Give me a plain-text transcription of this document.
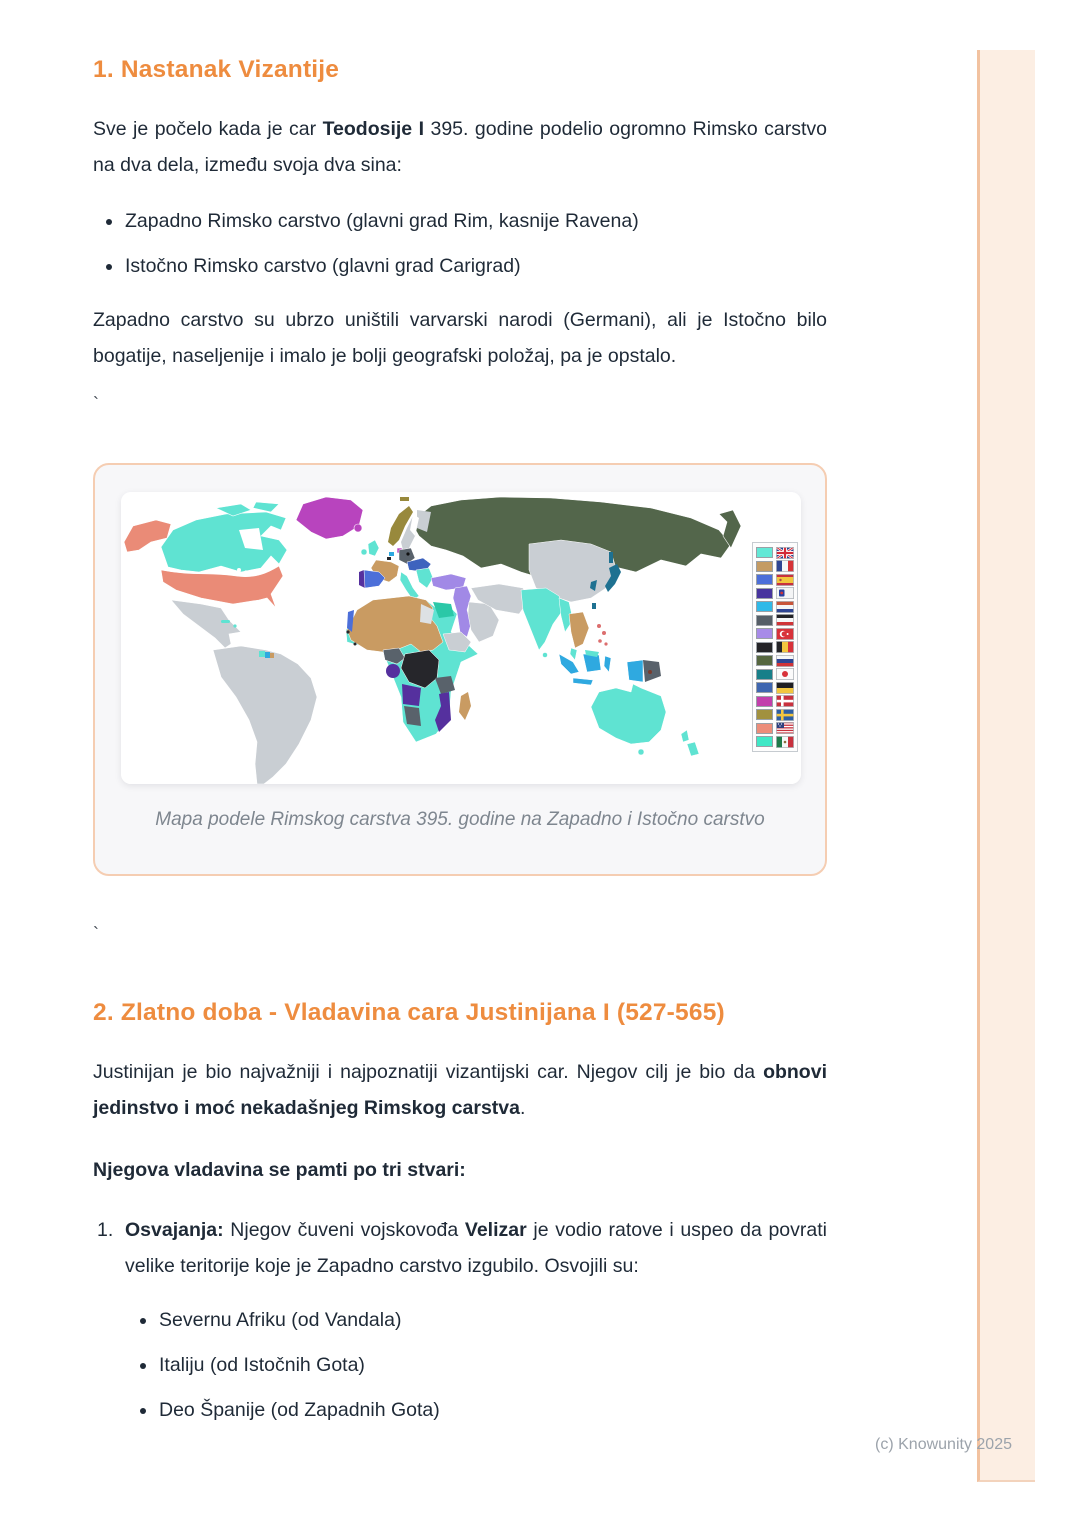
1. Nastanak Vizantije

Sve je počelo kada je car Teodosije I 395. godine podelio ogromno Rimsko carstvo na dva dela, između svoja dva sina:

• Zapadno Rimsko carstvo (glavni grad Rim, kasnije Ravena)
• Istočno Rimsko carstvo (glavni grad Carigrad)

Zapadno carstvo su ubrzo uništili varvarski narodi (Germani), ali je Istočno bilo bogatije, naseljenije i imalo je bolji geografski položaj, pa je opstalo.

`
Mapa podele Rimskog carstva 395. godine na Zapadno i Istočno carstvo
`
2. Zlatno doba - Vladavina cara Justinijana I (527-565)

Justinijan je bio najvažniji i najpoznatiji vizantijski car. Njegov cilj je bio da obnovi jedinstvo i moć nekadašnjeg Rimskog carstva.

Njegova vladavina se pamti po tri stvari:

1. Osvajanja: Njegov čuveni vojskovođa Velizar je vodio ratove i uspeo da povrati velike teritorije koje je Zapadno carstvo izgubilo. Osvojili su:
• Severnu Afriku (od Vandala)
• Italiju (od Istočnih Gota)
• Deo Španije (od Zapadnih Gota)
(c) Knowunity 2025
